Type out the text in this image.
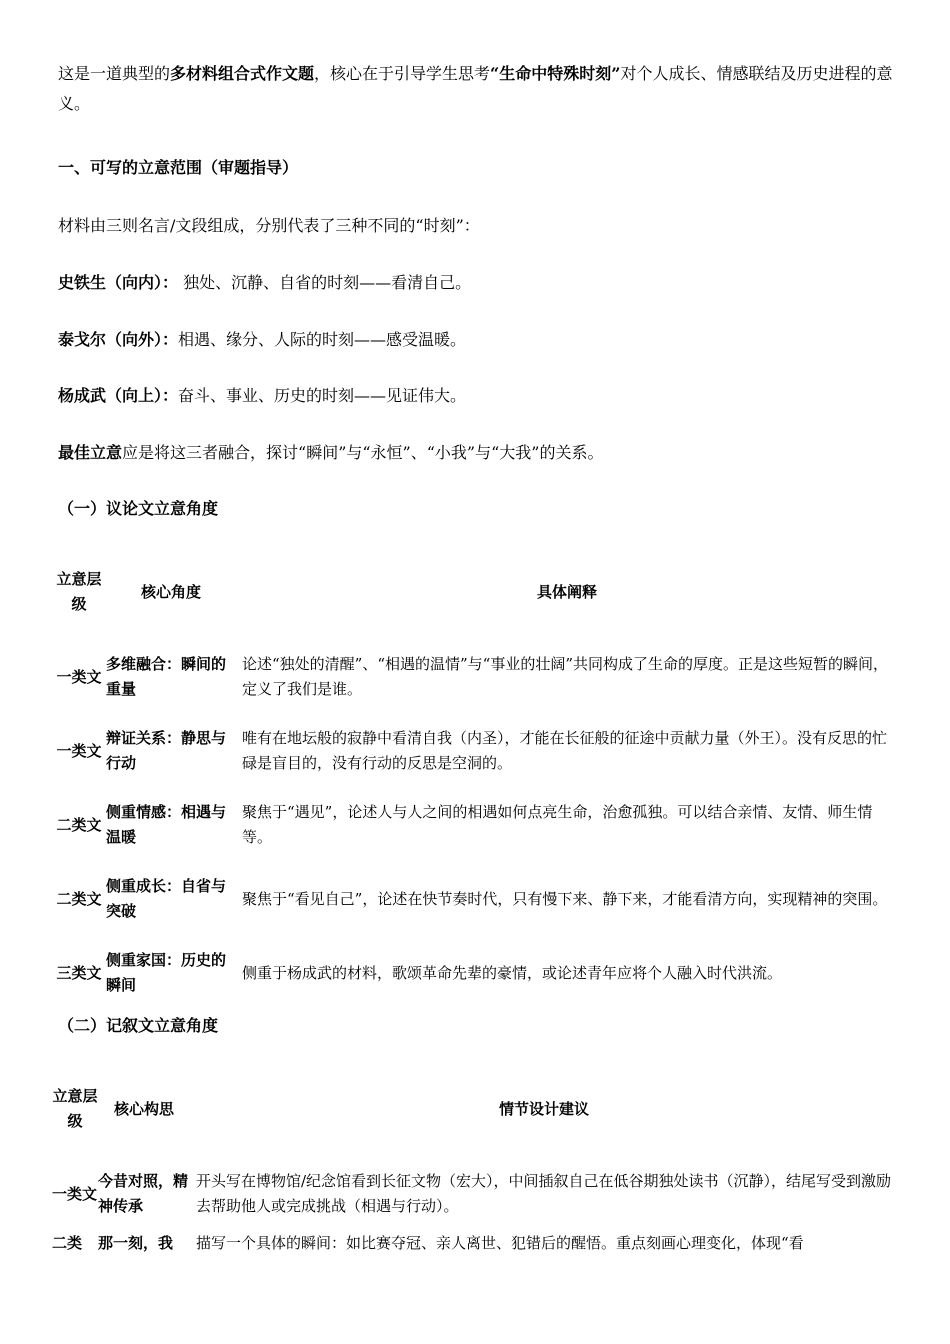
这是一道典型的多材料组合式作文题，核心在于引导学生思考“生命中特殊时刻”对个人成长、情感联结及历史进程的意义。
一、可写的立意范围（审题指导）
材料由三则名言/文段组成，分别代表了三种不同的“时刻”：
史铁生（向内）： 独处、沉静、自省的时刻——看清自己。
泰戈尔（向外）：相遇、缘分、人际的时刻——感受温暖。
杨成武（向上）：奋斗、事业、历史的时刻——见证伟大。
最佳立意应是将这三者融合，探讨“瞬间”与“永恒”、“小我”与“大我”的关系。
（一）议论文立意角度
立意层级	核心角度	具体阐释

一类文	多维融合：瞬间的重量	论述“独处的清醒”、“相遇的温情”与“事业的壮阔”共同构成了生命的厚度。正是这些短暂的瞬间，定义了我们是谁。
一类文	辩证关系：静思与行动	唯有在地坛般的寂静中看清自我（内圣），才能在长征般的征途中贡献力量（外王）。没有反思的忙碌是盲目的，没有行动的反思是空洞的。
二类文	侧重情感：相遇与温暖	聚焦于“遇见”，论述人与人之间的相遇如何点亮生命，治愈孤独。可以结合亲情、友情、师生情等。
二类文	侧重成长：自省与突破	聚焦于“看见自己”，论述在快节奏时代，只有慢下来、静下来，才能看清方向，实现精神的突围。
三类文	侧重家国：历史的瞬间	侧重于杨成武的材料，歌颂革命先辈的豪情，或论述青年应将个人融入时代洪流。
（二）记叙文立意角度
立意层级	核心构思	情节设计建议

一类文	今昔对照，精神传承	开头写在博物馆/纪念馆看到长征文物（宏大），中间插叙自己在低谷期独处读书（沉静），结尾写受到激励去帮助他人或完成挑战（相遇与行动）。
二类	那一刻，我	描写一个具体的瞬间：如比赛夺冠、亲人离世、犯错后的醒悟。重点刻画心理变化，体现“看
